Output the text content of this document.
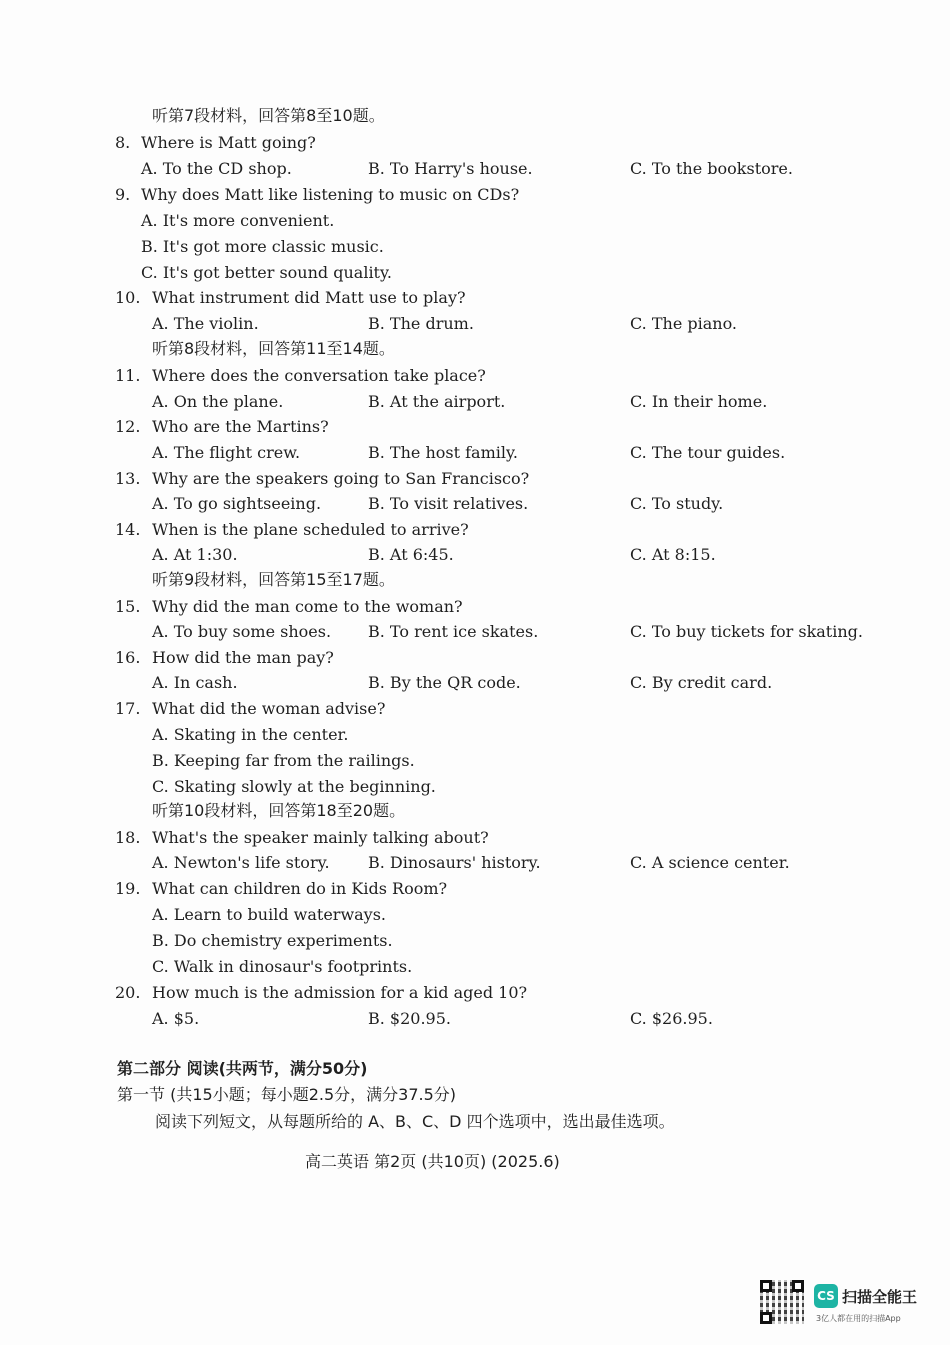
听第7段材料，回答第8至10题。
8. Where is Matt going?
A. To the CD shop.	B. To Harry's house.	C. To the bookstore.
9. Why does Matt like listening to music on CDs?
A. It's more convenient.
B. It's got more classic music.
C. It's got better sound quality.
10. What instrument did Matt use to play?
A. The violin.	B. The drum.	C. The piano.
听第8段材料，回答第11至14题。
11. Where does the conversation take place?
A. On the plane.	B. At the airport.	C. In their home.
12. Who are the Martins?
A. The flight crew.	B. The host family.	C. The tour guides.
13. Why are the speakers going to San Francisco?
A. To go sightseeing.	B. To visit relatives.	C. To study.
14. When is the plane scheduled to arrive?
A. At 1:30.	B. At 6:45.	C. At 8:15.
听第9段材料，回答第15至17题。
15. Why did the man come to the woman?
A. To buy some shoes. B. To rent ice skates.	C. To buy tickets for skating.
16. How did the man pay?
A. In cash.	B. By the QR code.	C. By credit card.
17. What did the woman advise?
A. Skating in the center.
B. Keeping far from the railings.
C. Skating slowly at the beginning.
听第10段材料，回答第18至20题。
18. What's the speaker mainly talking about?
A. Newton's life story. B. Dinosaurs' history.	C. A science center.
19. What can children do in Kids Room?
A. Learn to build waterways.
B. Do chemistry experiments.
C. Walk in dinosaur's footprints.
20. How much is the admission for a kid aged 10?
A. $5.	B. $20.95.	C. $26.95.
第二部分 阅读(共两节，满分50分)
第一节 (共15小题；每小题2.5分，满分37.5分)
阅读下列短文，从每题所给的 A、B、C、D 四个选项中，选出最佳选项。
高二英语 第2页 (共10页) (2025.6)
CS 扫描全能王
3亿人都在用的扫描App
